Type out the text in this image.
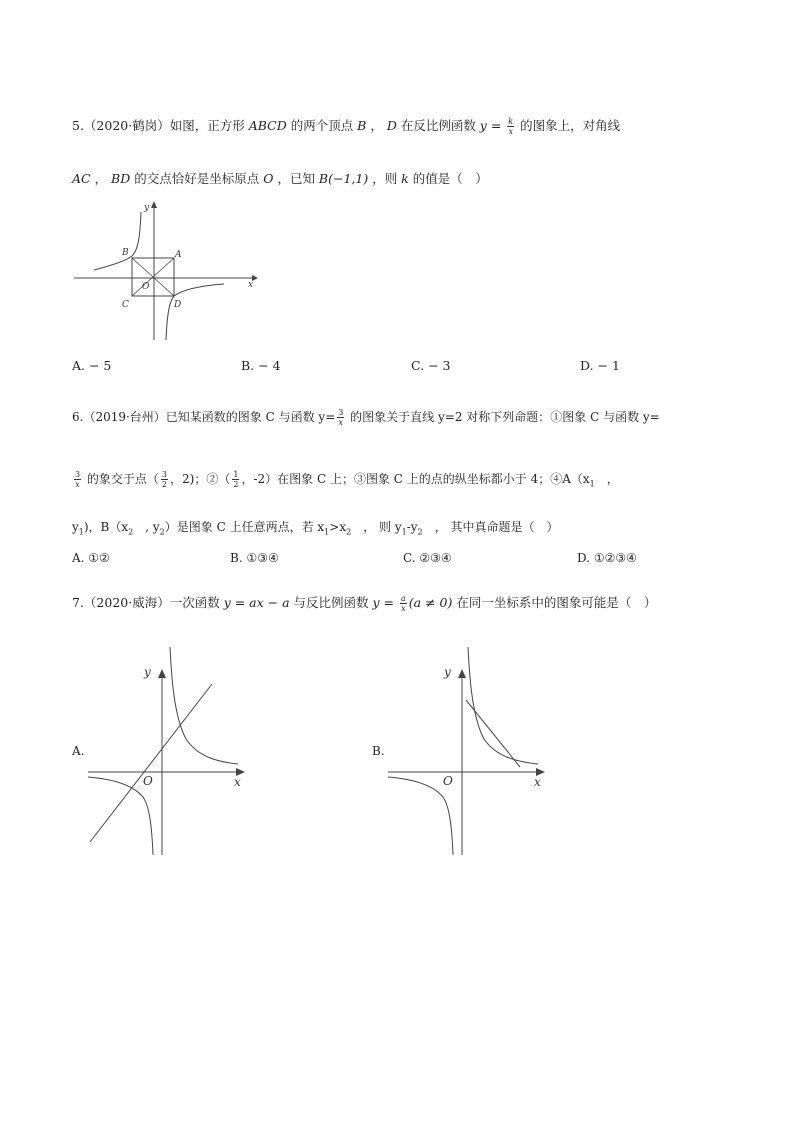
5.（2020·鹤岗）如图，正方形 ABCD 的两个顶点 B ， D 在反比例函数 $y = \frac{k}{x}$ 的图象上，对角线
AC ， BD 的交点恰好是坐标原点 O ，已知 B(−1,1) ，则 k 的值是（　）
B	A
C	D
O	x
y
A. − 5	B. − 4	C. − 3	D. − 1
6.（2019·台州）已知某函数的图象 C 与函数 $y= \frac{3}{x}$ 的图象关于直线 y=2 对称下列命题：①图象 C 与函数 y=
$\frac{3}{x}$ 的象交于点（ $\frac{3}{2}$ ，2)；②（ $\frac{1}{2}$ ，-2）在图象 C 上；③图象 C 上的点的纵坐标都小于 4；$④A(x_1$　，
$y_1$)，$B(x_2$　, $y_2$）是图象 C 上任意两点，若 $x_1>x_2$　， 则 $y_1-y_2$　， 其中真命题是（　）
A. ①②	B. ①③④	C. ②③④	D. ①②③④
7.（2020·威海）一次函数 y = ax − a 与反比例函数 $y = \frac{a}{x} (a \ne 0)$ 在同一坐标系中的图象可能是（　）
A.
y
O	x
B.
y
O	x
